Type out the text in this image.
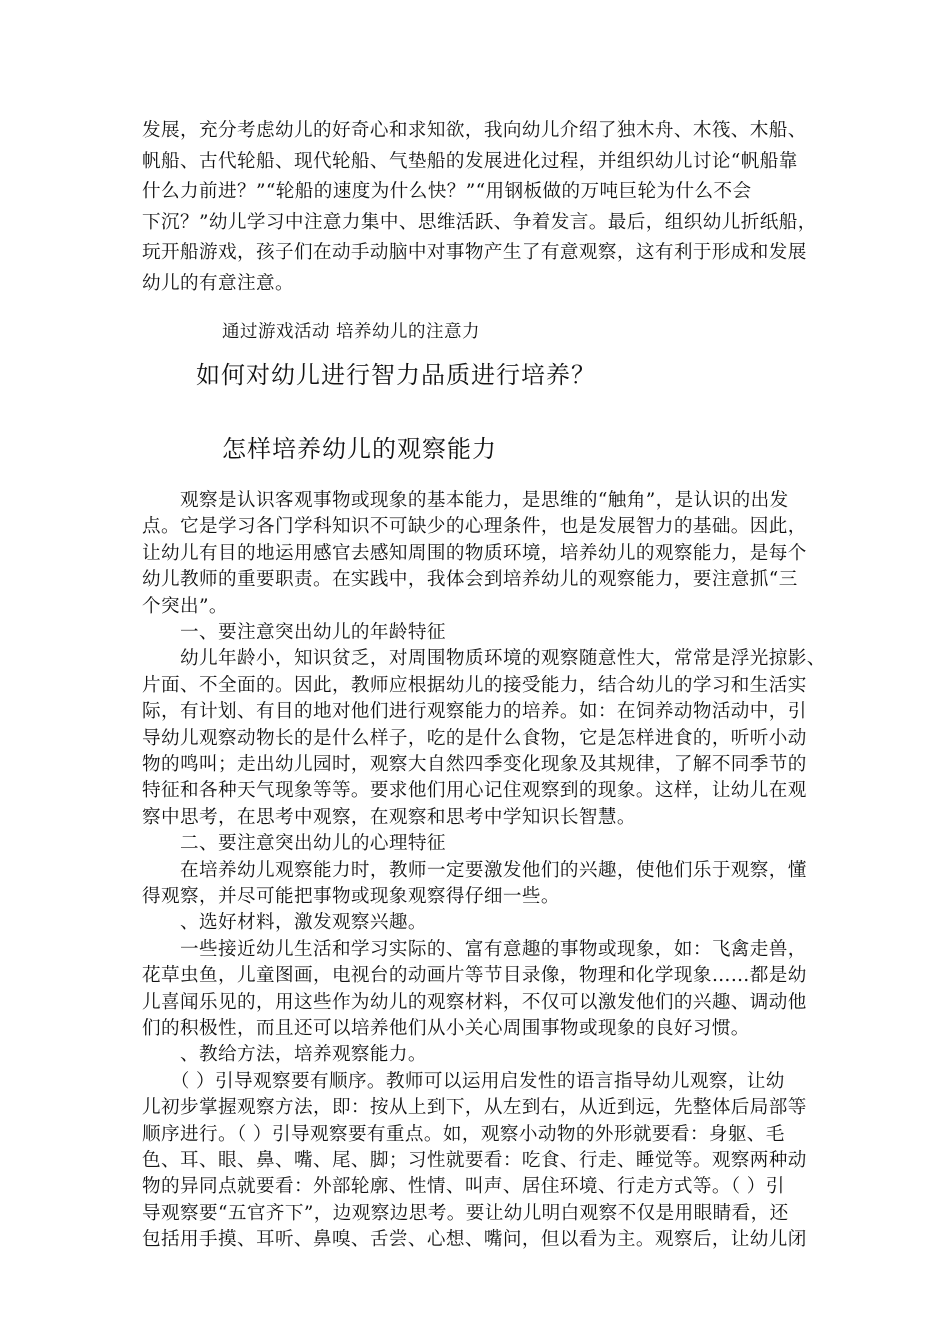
发展，充分考虑幼儿的好奇心和求知欲，我向幼儿介绍了独木舟、木筏、木船、
帆船、古代轮船、现代轮船、气垫船的发展进化过程，并组织幼儿讨论“帆船靠
什么力前进？”“轮船的速度为什么快？”“用钢板做的万吨巨轮为什么不会
下沉？”幼儿学习中注意力集中、思维活跃、争着发言。最后，组织幼儿折纸船，
玩开船游戏，孩子们在动手动脑中对事物产生了有意观察，这有利于形成和发展
幼儿的有意注意。
通过游戏活动 培养幼儿的注意力
如何对幼儿进行智力品质进行培养？
怎样培养幼儿的观察能力
　　观察是认识客观事物或现象的基本能力，是思维的“触角”，是认识的出发
点。它是学习各门学科知识不可缺少的心理条件，也是发展智力的基础。因此，
让幼儿有目的地运用感官去感知周围的物质环境，培养幼儿的观察能力，是每个
幼儿教师的重要职责。在实践中，我体会到培养幼儿的观察能力，要注意抓“三
个突出”。
　　一、要注意突出幼儿的年龄特征
　　幼儿年龄小，知识贫乏，对周围物质环境的观察随意性大，常常是浮光掠影、
片面、不全面的。因此，教师应根据幼儿的接受能力，结合幼儿的学习和生活实
际，有计划、有目的地对他们进行观察能力的培养。如：在饲养动物活动中，引
导幼儿观察动物长的是什么样子，吃的是什么食物，它是怎样进食的，听听小动
物的鸣叫；走出幼儿园时，观察大自然四季变化现象及其规律，了解不同季节的
特征和各种天气现象等等。要求他们用心记住观察到的现象。这样，让幼儿在观
察中思考，在思考中观察，在观察和思考中学知识长智慧。
　　二、要注意突出幼儿的心理特征
　　在培养幼儿观察能力时，教师一定要激发他们的兴趣，使他们乐于观察，懂
得观察，并尽可能把事物或现象观察得仔细一些。
　　、选好材料，激发观察兴趣。
　　一些接近幼儿生活和学习实际的、富有意趣的事物或现象，如：飞禽走兽，
花草虫鱼，儿童图画，电视台的动画片等节目录像，物理和化学现象……都是幼
儿喜闻乐见的，用这些作为幼儿的观察材料，不仅可以激发他们的兴趣、调动他
们的积极性，而且还可以培养他们从小关心周围事物或现象的良好习惯。
　　、教给方法，培养观察能力。
　　（ ）引导观察要有顺序。教师可以运用启发性的语言指导幼儿观察，让幼
儿初步掌握观察方法，即：按从上到下，从左到右，从近到远，先整体后局部等
顺序进行。（ ）引导观察要有重点。如，观察小动物的外形就要看：身躯、毛
色、耳、眼、鼻、嘴、尾、脚；习性就要看：吃食、行走、睡觉等。观察两种动
物的异同点就要看：外部轮廓、性情、叫声、居住环境、行走方式等。（ ）引
导观察要“五官齐下”，边观察边思考。要让幼儿明白观察不仅是用眼睛看，还
包括用手摸、耳听、鼻嗅、舌尝、心想、嘴问，但以看为主。观察后，让幼儿闭
